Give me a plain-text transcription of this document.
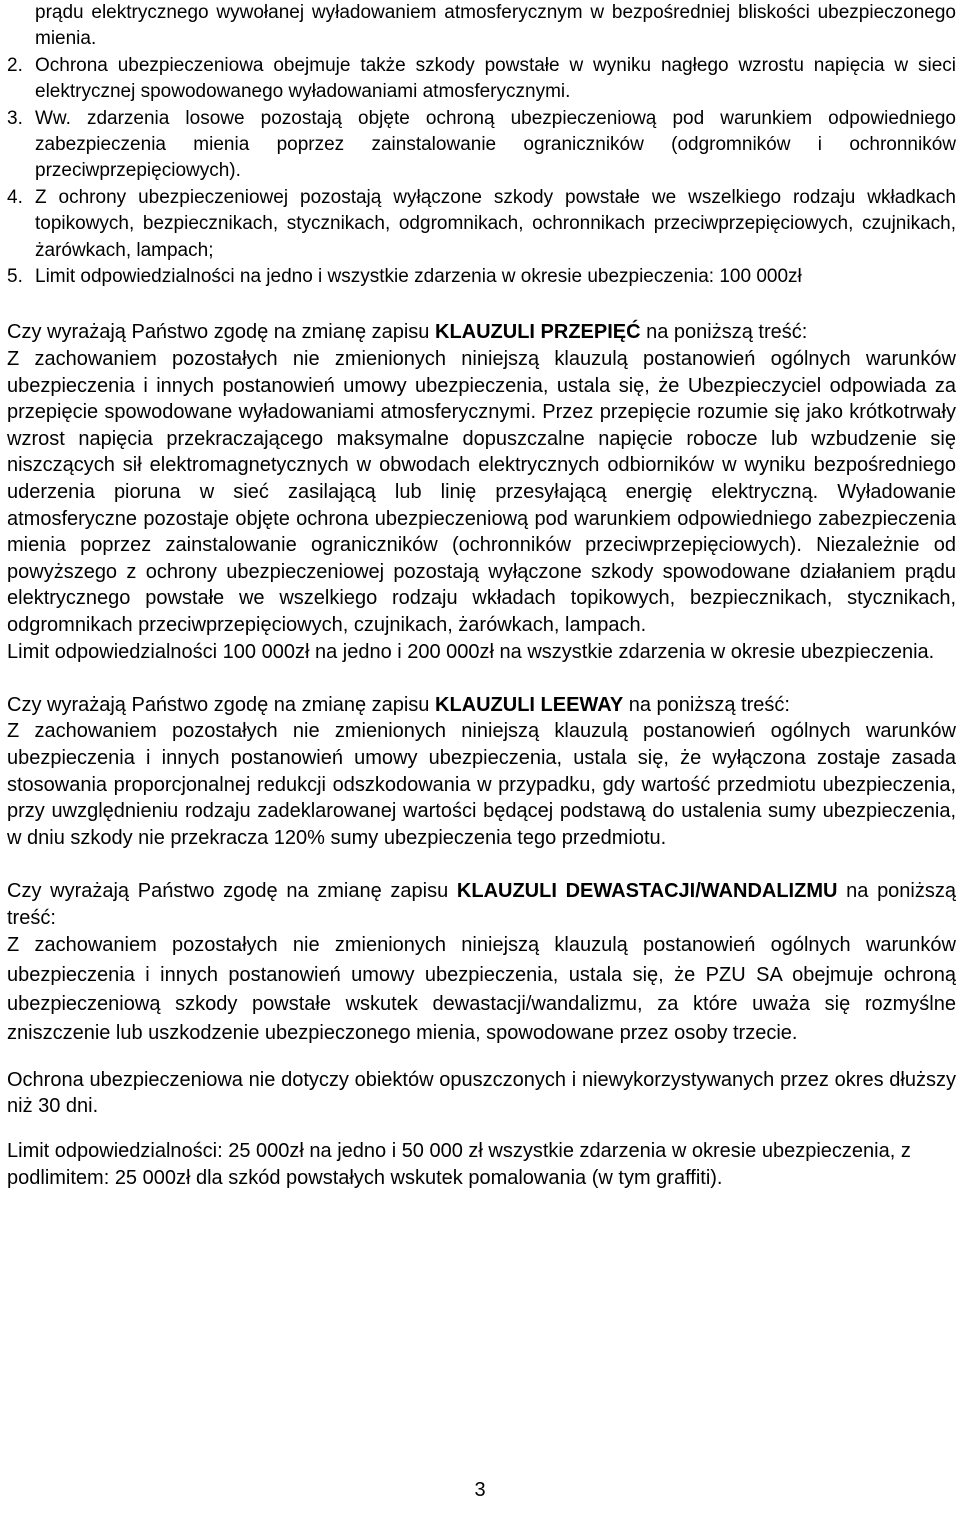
prądu elektrycznego wywołanej wyładowaniem atmosferycznym w bezpośredniej bliskości ubezpieczonego mienia.
2. Ochrona ubezpieczeniowa obejmuje także szkody powstałe w wyniku nagłego wzrostu napięcia w sieci elektrycznej spowodowanego wyładowaniami atmosferycznymi.
3. Ww. zdarzenia losowe pozostają objęte ochroną ubezpieczeniową pod warunkiem odpowiedniego zabezpieczenia mienia poprzez zainstalowanie ograniczników (odgromników i ochronników przeciwprzepięciowych).
4. Z ochrony ubezpieczeniowej pozostają wyłączone szkody powstałe we wszelkiego rodzaju wkładkach topikowych, bezpiecznikach, stycznikach, odgromnikach, ochronnikach przeciwprzepięciowych, czujnikach, żarówkach, lampach;
5. Limit odpowiedzialności na jedno i wszystkie zdarzenia w okresie ubezpieczenia: 100 000zł
Czy wyrażają Państwo zgodę na zmianę zapisu KLAUZULI PRZEPIĘĆ na poniższą treść:
Z zachowaniem pozostałych nie zmienionych niniejszą klauzulą postanowień ogólnych warunków ubezpieczenia i innych postanowień umowy ubezpieczenia, ustala się, że Ubezpieczyciel odpowiada za przepięcie spowodowane wyładowaniami atmosferycznymi. Przez przepięcie rozumie się jako krótkotrwały wzrost napięcia przekraczającego maksymalne dopuszczalne napięcie robocze lub wzbudzenie się niszczących sił elektromagnetycznych w obwodach elektrycznych odbiorników w wyniku bezpośredniego uderzenia pioruna w sieć zasilającą lub linię przesyłającą energię elektryczną. Wyładowanie atmosferyczne pozostaje objęte ochrona ubezpieczeniową pod warunkiem odpowiedniego zabezpieczenia mienia poprzez zainstalowanie ograniczników (ochronników przeciwprzepięciowych). Niezależnie od powyższego z ochrony ubezpieczeniowej pozostają wyłączone szkody spowodowane działaniem prądu elektrycznego powstałe we wszelkiego rodzaju wkładach topikowych, bezpiecznikach, stycznikach, odgromnikach przeciwprzepięciowych, czujnikach, żarówkach, lampach.
Limit odpowiedzialności 100 000zł na jedno i 200 000zł na wszystkie zdarzenia w okresie ubezpieczenia.
Czy wyrażają Państwo zgodę na zmianę zapisu KLAUZULI LEEWAY na poniższą treść:
Z zachowaniem pozostałych nie zmienionych niniejszą klauzulą postanowień ogólnych warunków ubezpieczenia i innych postanowień umowy ubezpieczenia, ustala się, że wyłączona zostaje zasada stosowania proporcjonalnej redukcji odszkodowania w przypadku, gdy wartość przedmiotu ubezpieczenia, przy uwzględnieniu rodzaju zadeklarowanej wartości będącej podstawą do ustalenia sumy ubezpieczenia, w dniu szkody nie przekracza 120% sumy ubezpieczenia tego przedmiotu.
Czy wyrażają Państwo zgodę na zmianę zapisu KLAUZULI DEWASTACJI/WANDALIZMU na poniższą treść:
Z zachowaniem pozostałych nie zmienionych niniejszą klauzulą postanowień ogólnych warunków ubezpieczenia i innych postanowień umowy ubezpieczenia, ustala się, że PZU SA obejmuje ochroną ubezpieczeniową szkody powstałe wskutek dewastacji/wandalizmu, za które uważa się rozmyślne zniszczenie lub uszkodzenie ubezpieczonego mienia, spowodowane przez osoby trzecie.
Ochrona ubezpieczeniowa nie dotyczy obiektów opuszczonych i niewykorzystywanych przez okres dłuższy niż 30 dni.
Limit odpowiedzialności: 25 000zł na jedno i 50 000 zł wszystkie zdarzenia w okresie ubezpieczenia, z podlimitem: 25 000zł dla szkód powstałych wskutek pomalowania (w tym graffiti).
3
